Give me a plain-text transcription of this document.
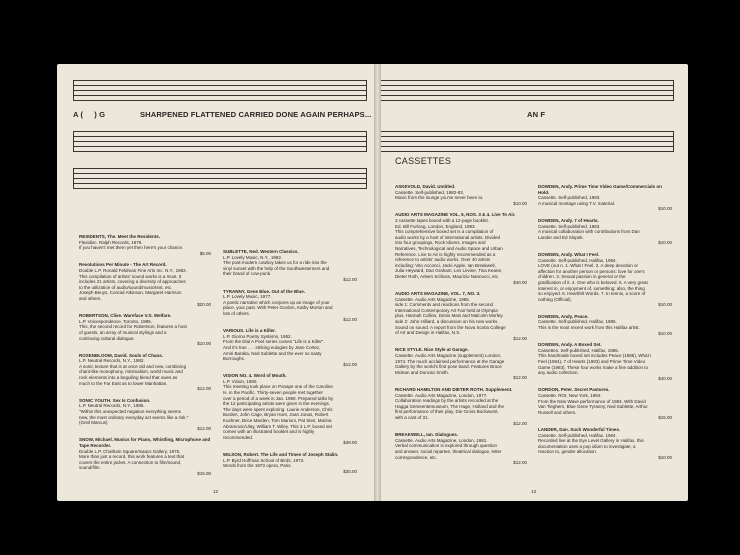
A ( ) G	SHARPENED FLATTENED CARRIED DONE AGAIN PERHAPS...
RESIDENTS, The. Meet the Residents.
Flexidisc. Ralph Records, 1979.
If you haven't met them yet then here's your chance.
$5.00
Revolutions Per Minute - The Art Record.
Double L.P. Ronald Feldman Fine Arts Inc. N.Y., 1982.
This compilation of artists' sound works is a must. It
includes 21 artists, covering a diversity of approaches
to the utilization of audio/sound/music/text, etc.
Joseph Beuys, Conrad Atkinson, Margaret Harrison
and others.
$20.00
ROBERTSON, Clive. Wareface V.S. Welfare.
L.P. Voicespondence, Toronto, 1985.
This, the second record for Robertson, features a host
of guests, an array of musical stylings and a
continuing cultural dialogue.
$10.00
ROSENBLOOM, David. Souls of Chaos.
L.P. Neutral Records, N.Y., 1982.
A sonic texture that is at once old and new, combining
chant-like monophony, minimalism, world music and
rock elements into a beguiling blend that owes as
much to the Far East as to lower Manhattan.
$12.00
SONIC YOUTH. Sex Is Confusion.
L.P. Neutral Records, N.Y., 1985.
"Within this unexpected negation everything seems
new, the most ordinary everyday act seems like a risk."
(Greil Marcus)
$12.00
SNOW, Michael. Musics for Piano, Whistling, Microphone and Tape Recorder.
Double L.P. Chatham Square/Isaacs Gallery, 1975.
More than just a record, this work features a text that
covers the entire jacket. A connection to film/sound,
sound/film.
$15.00
SUBLETTE, Ned. Western Classics.
L.P. Lovely Music, N.Y., 1982.
The post-modern cowboy takes us for a ride into the
vinyl sunset with the help of the Southwesterners and
their brand of cow-punk.
$12.00
TYRANNY, Gene Blue. Out of the Blue.
L.P. Lovely Music, 1977.
A poetic narrative which conjures up an image of your
place, your past. With Peter Gordon, Kathy Morton and
lots of others.
$12.00
VARIOUS. Life is a Killer.
L.P. Giorno Poetry Systems, 1982.
From the Dial A Poet series comes "Life is a Killer".
And it's true . . . striking eulogies by Jane Cortez,
Amiri Baraka, Ned Sublette and the ever so nasty
Burroughs.
$12.00
VISION NO. 4. Word of Mouth.
L.P. Vision, 1980.
This meeting took place on Ponape one of the Caroline
Is. in the Pacific. Thirty-seven people met together
over a period of a week in Jan. 1980. Prepared talks by
the 12 participating artists were given in the evenings.
The days were spent exploring. Laurie Anderson, Chris
Burden, John Cage, Bryan Hunt, Joan Jonas, Robert
Kushner, Brice Marden, Tom Marioni, Pat Steir, Marina
Abramovic/Ulay, William T. Wiley. This 3 L.P. boxed set
comes with an illustrated booklet and is highly
recommended.
$38.00
WILSON, Robert. The Life and Times of Joseph Stalin.
L.P. Byrd Hoffman School of Birds, 1973.
Words from the 1973 opera, Paris.
$30.00
12
AN F
CASSETTES
ASKEVOLD, David. Untitled.
Cassette. Self-published, 1982-83.
Music from the lounge you've never been to.
$10.00
AUDIO ARTS MAGAZINE VOL. 5, NOS. 3 & 4. Live To Air.
3 cassette tapes boxed with a 12-page booklet.
Ed. Bill Furlong, London, England, 1983.
This comprehensive boxed set is a compilation of
audio works by a host of international artists. Divided
into four groupings, Rock Idioms, Images and
Narratives, Technological and Audio Space and Urban
Reference. Live to Air is highly recommended as a
reference to artists' audio works. Over 40 artists
including: Vito Acconci, Jacki Apple, Ian Breakwell,
Julia Heyward, Dan Graham, Les Levine, Tina Keane,
Dieter Roth, Arleen Schloss, Maurizio Nannucci, etc.
$40.00
AUDIO ARTS MAGAZINE, VOL. 7, NO. 3.
Cassette. Audio Arts Magazine, 1985.
side 1: Comments and reactions from the second
International Contemporary Art Fair held at Olympia
plus, Hannah Collins, Denis Masi and Malcolm Morley.
side 2: John Hilliard, a discussion on his new works.
Sound on sound. A report from the Nova Scotia College
of Art and Design in Halifax, N.S.
$12.00
NICE STYLE. Nice Style at Garage.
Cassette. Audio Arts Magazine (supplement) London,
1974. The much acclaimed performance at the Garage
Gallery by the world's first pose band. Features Bruce
Mclean and Duncan Smith.
$12.00
RICHARD HAMILTON AND DIETER ROTH. Supplement.
Cassette. Audio Arts Magazine, London, 1977.
Collaboration readings by the artists recorded at the
Hagga Gemeentemuseum, The Hage, Holland and the
first performance of their play, Die Gross Bockwurst,
with a cast of 31.
$12.00
BREAKWELL, Ian. Dialogues.
Cassette. Audio Arts Magazine, London, 1981.
Verbal communication is explored through question
and answer, social repartee, theatrical dialogue, letter
correspondence, etc.
$12.00
DOWDEN, Andy. Prime Time Video Game/Commercials on Hold.
Cassette. Self-published, 1983.
A musical montage using T.V. material.
$10.00
DOWDEN, Andy. 7 of Hearts.
Cassette. Self-published, 1983.
A musical collaboration with contributions from Dan
Lander and Ed Slopek.
$10.00
DOWDEN, Andy. What I Feel.
Cassette. Self-published, Halifax, 1984.
LOVE (out n. 1. What I Feel. 2. A deep devotion or
affection for another person or persons: love for one's
children. 3. Sexual passion in general or the
gratification of it. 4. One who is beloved. 5. A very great
interest in, or enjoyment of, something; also, the thing
so enjoyed. 6. Heartfelt Words. 7. In tennis, a score of
nothing (Official).
$10.00
DOWDEN, Andy. Peace.
Cassette. Self-published, Halifax, 1985.
This is the most recent work from this Halifax artist.
$10.00
DOWDEN, Andy. A Boxed Set.
Cassettes. Self-published, Halifax, 1985.
This handmade boxed set includes Peace (1985), What I
Feel (1984), 7 of Hearts (1983) and Prime Time Video
Game (1983). These four works make a fine addition to
any audio collection.
$40.00
GORDON, Peter. Secret Pastures.
Cassette. ROI, New York, 1984.
From the New Wave performance of 1984. With David
Van Tieghem, Blue Gene Tyranny, Ned Sublette, Arthur
Russell and others.
$15.00
LANDER, Dan. Such Wonderful Times.
Cassette. Self-published, Halifax, 1984.
Recorded live at the Eye Level Gallery in Halifax, this
documentation uses a pop idiom to investigate, a
reaction to, gender allocation.
$10.00
13
